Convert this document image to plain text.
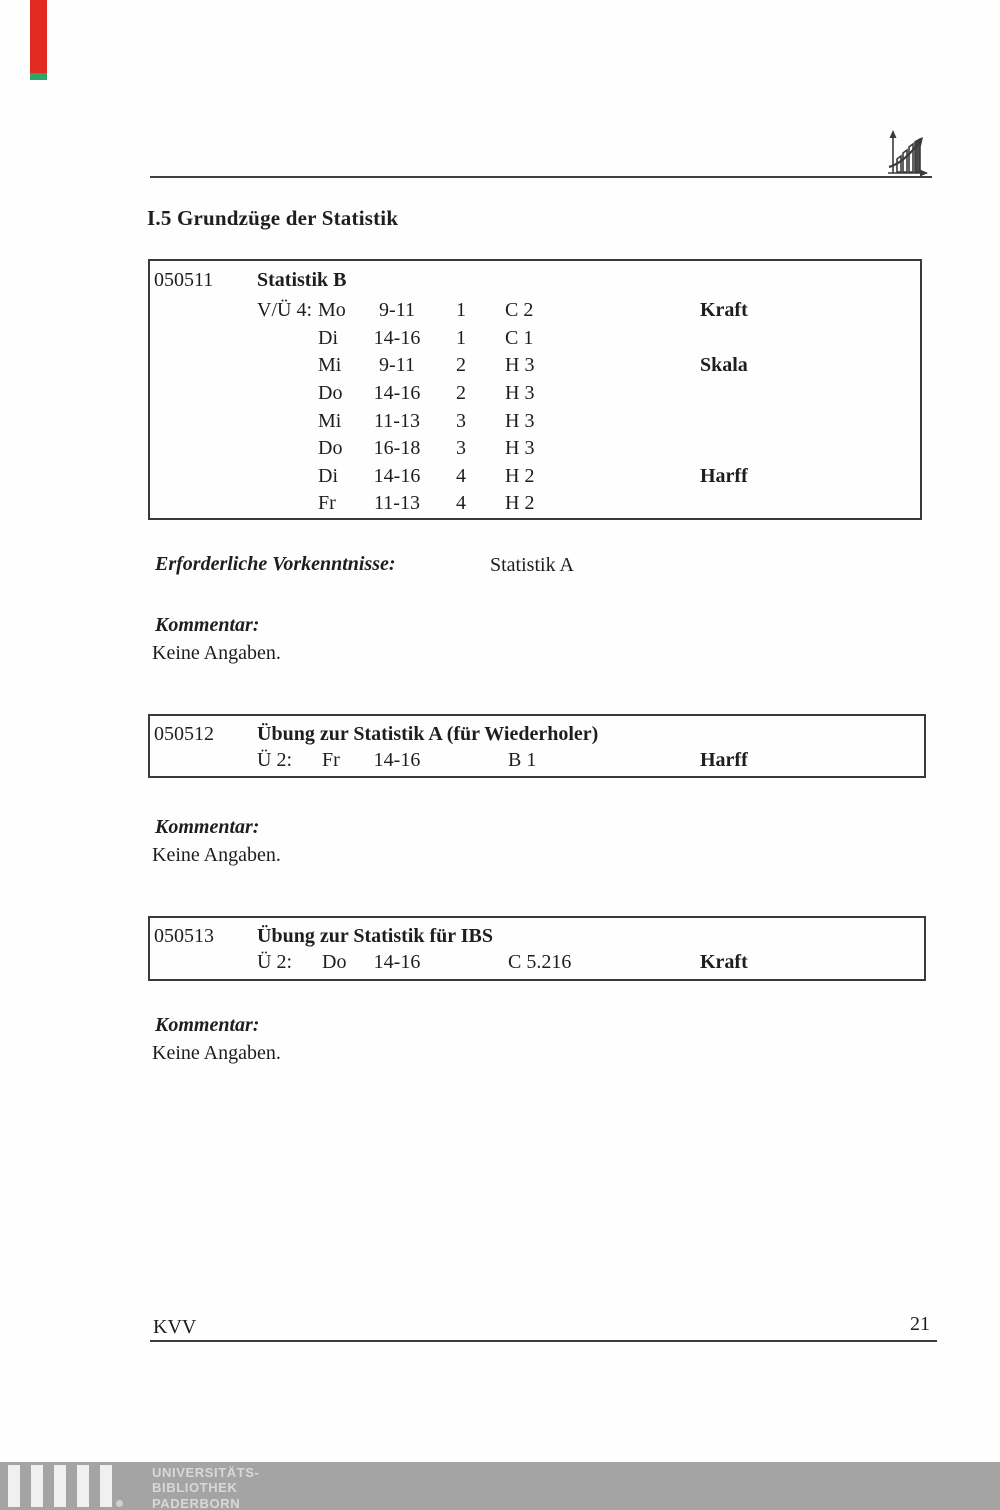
I.5 Grundzüge der Statistik
050511 Statistik B
V/Ü 4: Mo	9-11	1 C 2	Kraft
Di	14-16	1 C 1
Mi	9-11	2 H 3	Skala
Do	14-16	2 H 3
Mi	11-13	3 H 3
Do	16-18	3 H 3
Di	14-16	4 H 2	Harff
Fr	11-13	4 H 2
Erforderliche Vorkenntnisse:	Statistik A
Kommentar:
Keine Angaben.
050512 Übung zur Statistik A (für Wiederholer)
Ü 2: Fr	14-16	B 1	Harff
Kommentar:
Keine Angaben.
050513 Übung zur Statistik für IBS
Ü 2: Do	14-16	C 5.216	Kraft
Kommentar:
Keine Angaben.
KVV	21
UNIVERSITÄTS-
BIBLIOTHEK
PADERBORN
